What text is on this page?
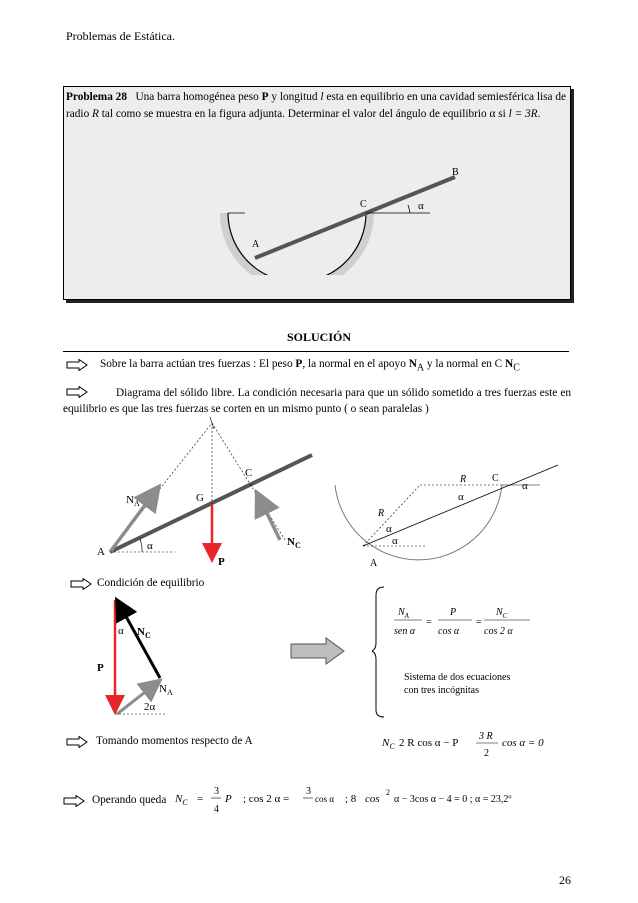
Problemas de Estática.
Problema 28 Una barra homogénea peso P y longitud l esta en equilibrio en una cavidad semiesférica lisa de radio R tal como se muestra en la figura adjunta. Determinar el valor del ángulo de equilibrio α si l = 3R.
A
C
B
α
SOLUCIÓN
Sobre la barra actúan tres fuerzas : El peso P, la normal en el apoyo $N_A$ y la normal en C $N_C$
Diagrama del sólido libre. La condición necesaria para que un sólido sometido a tres fuerzas este en equilibrio es que las tres fuerzas se corten en un mismo punto ( o sean paralelas )
$N_A$	G
C
A	α
P
$N_C$
R
R
C
α
α
α
α
A
Condición de equilibrio
α $N_C$
P
$N_A$
2α
$N_A$
sen α
=
P
cos α
=
$N_C$
cos 2 α
Sistema de dos ecuaciones
con tres incógnitas
Tomando momentos respecto de A	$N_C$ 2 R cos α − P
3 R
2
cos α = 0
Operando queda $N_C$ =
3
4
P ; cos 2 α =
3
cos α ; 8 cos
2
α − 3cos α − 4 = 0 ; α = 23,2º
26
